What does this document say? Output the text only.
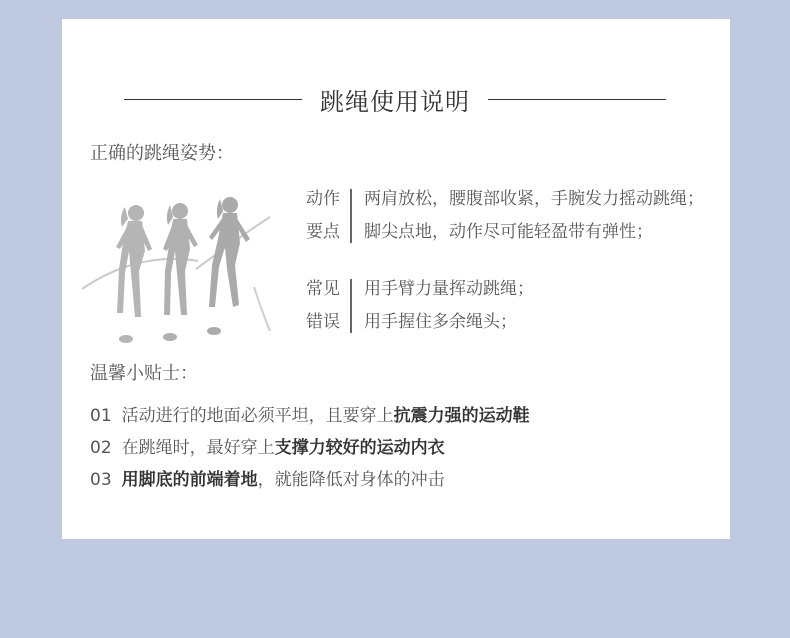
跳绳使用说明
正确的跳绳姿势：
动作
要点
两肩放松，腰腹部收紧，手腕发力摇动跳绳；
脚尖点地，动作尽可能轻盈带有弹性；
常见
错误
用手臂力量挥动跳绳；
用手握住多余绳头；
温馨小贴士：
01 活动进行的地面必须平坦，且要穿上抗震力强的运动鞋
02 在跳绳时，最好穿上支撑力较好的运动内衣
03 用脚底的前端着地，就能降低对身体的冲击
